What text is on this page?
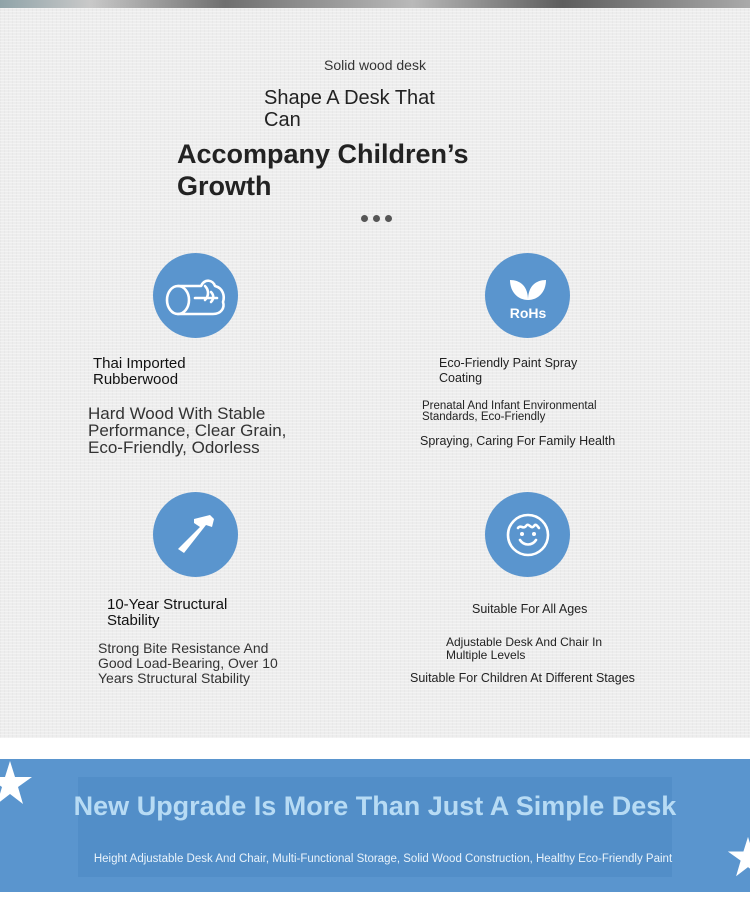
Solid wood desk
Shape A Desk That Can
Accompany Children’s Growth
Thai Imported Rubberwood
Hard Wood With Stable Performance, Clear Grain, Eco-Friendly, Odorless
RoHs
Eco-Friendly Paint Spray Coating
Prenatal And Infant Environmental Standards, Eco-Friendly
Spraying, Caring For Family Health
10-Year Structural Stability
Strong Bite Resistance And Good Load-Bearing, Over 10 Years Structural Stability
Suitable For All Ages
Adjustable Desk And Chair In Multiple Levels
Suitable For Children At Different Stages
New Upgrade Is More Than Just A Simple Desk
Height Adjustable Desk And Chair, Multi-Functional Storage, Solid Wood Construction, Healthy Eco-Friendly Paint
